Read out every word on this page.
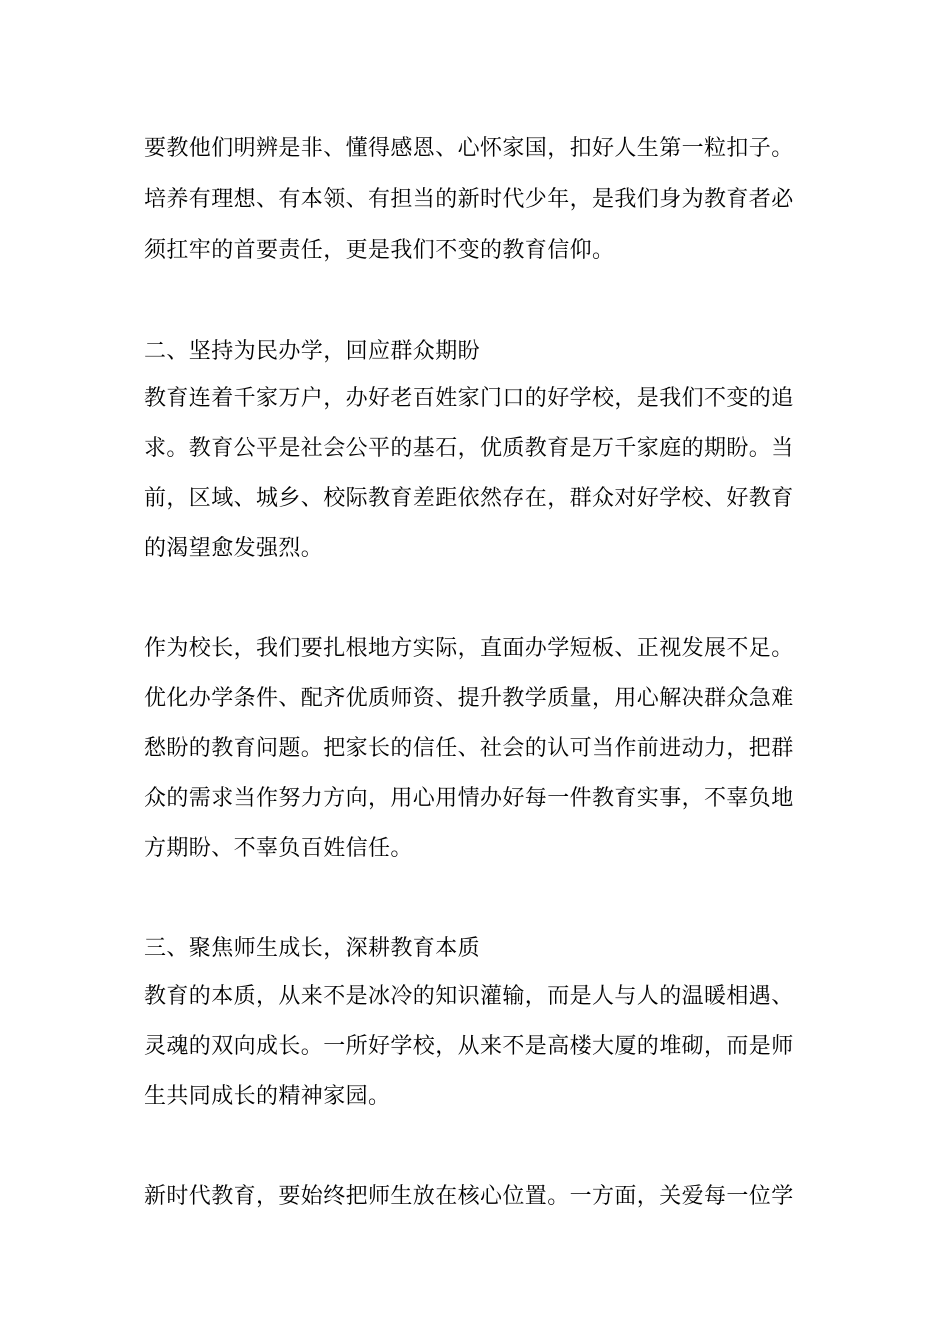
要教他们明辨是非、懂得感恩、心怀家国，扣好人生第一粒扣子。
培养有理想、有本领、有担当的新时代少年，是我们身为教育者必
须扛牢的首要责任，更是我们不变的教育信仰。
二、坚持为民办学，回应群众期盼
教育连着千家万户，办好老百姓家门口的好学校，是我们不变的追
求。教育公平是社会公平的基石，优质教育是万千家庭的期盼。当
前，区域、城乡、校际教育差距依然存在，群众对好学校、好教育
的渴望愈发强烈。
作为校长，我们要扎根地方实际，直面办学短板、正视发展不足。
优化办学条件、配齐优质师资、提升教学质量，用心解决群众急难
愁盼的教育问题。把家长的信任、社会的认可当作前进动力，把群
众的需求当作努力方向，用心用情办好每一件教育实事，不辜负地
方期盼、不辜负百姓信任。
三、聚焦师生成长，深耕教育本质
教育的本质，从来不是冰冷的知识灌输，而是人与人的温暖相遇、
灵魂的双向成长。一所好学校，从来不是高楼大厦的堆砌，而是师
生共同成长的精神家园。
新时代教育，要始终把师生放在核心位置。一方面，关爱每一位学
